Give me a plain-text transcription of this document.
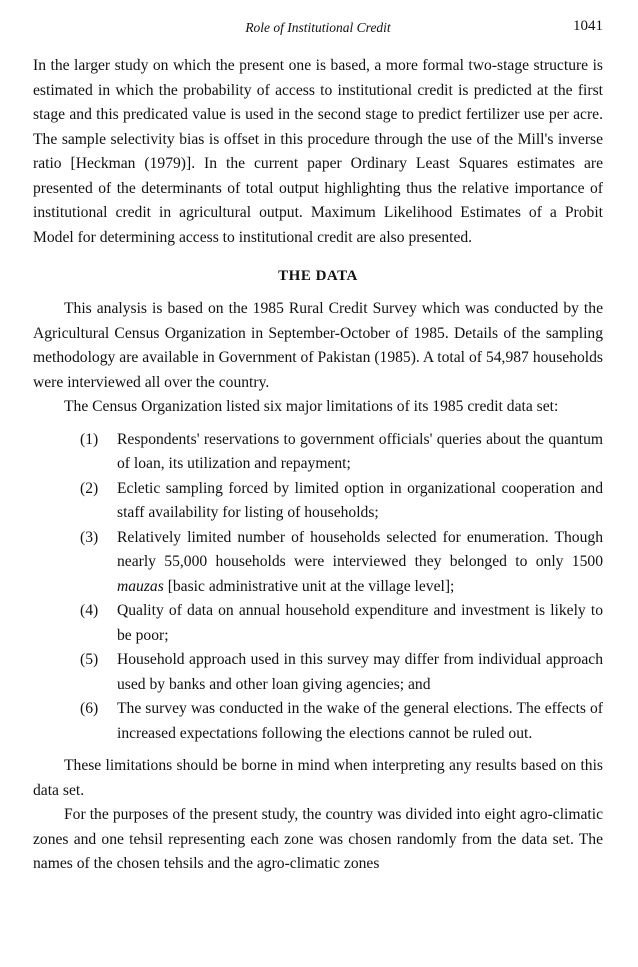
Role of Institutional Credit	1041

In the larger study on which the present one is based, a more formal two-stage structure is estimated in which the probability of access to institutional credit is predicted at the first stage and this predicated value is used in the second stage to predict fertilizer use per acre. The sample selectivity bias is offset in this procedure through the use of the Mill's inverse ratio [Heckman (1979)]. In the current paper Ordinary Least Squares estimates are presented of the determinants of total output highlighting thus the relative importance of institutional credit in agricultural output. Maximum Likelihood Estimates of a Probit Model for determining access to institutional credit are also presented.

THE DATA

This analysis is based on the 1985 Rural Credit Survey which was conducted by the Agricultural Census Organization in September-October of 1985. Details of the sampling methodology are available in Government of Pakistan (1985). A total of 54,987 households were interviewed all over the country.

The Census Organization listed six major limitations of its 1985 credit data set:

(1)	Respondents' reservations to government officials' queries about the quantum of loan, its utilization and repayment;
(2)	Ecletic sampling forced by limited option in organizational cooperation and staff availability for listing of households;
(3)	Relatively limited number of households selected for enumeration. Though nearly 55,000 households were interviewed they belonged to only 1500 mauzas [basic administrative unit at the village level];
(4)	Quality of data on annual household expenditure and investment is likely to be poor;
(5)	Household approach used in this survey may differ from individual approach used by banks and other loan giving agencies; and
(6)	The survey was conducted in the wake of the general elections. The effects of increased expectations following the elections cannot be ruled out.

These limitations should be borne in mind when interpreting any results based on this data set.

For the purposes of the present study, the country was divided into eight agro-climatic zones and one tehsil representing each zone was chosen randomly from the data set. The names of the chosen tehsils and the agro-climatic zones
